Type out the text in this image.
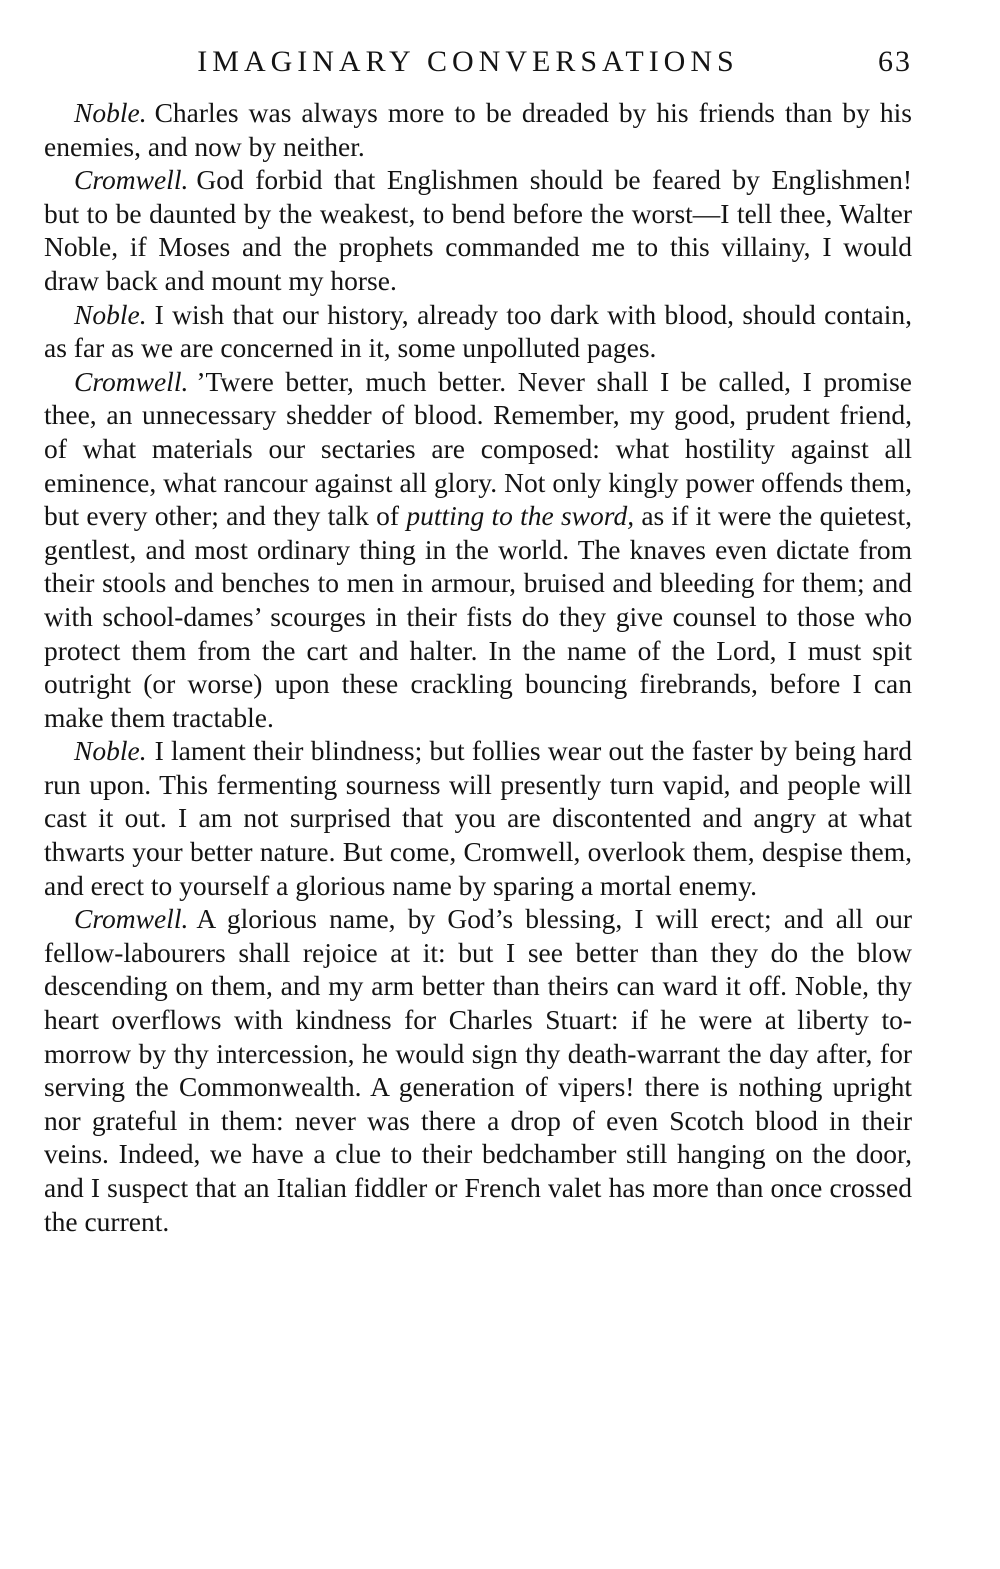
IMAGINARY CONVERSATIONS	63

Noble. Charles was always more to be dreaded by his friends than by his enemies, and now by neither.

Cromwell. God forbid that Englishmen should be feared by Englishmen! but to be daunted by the weakest, to bend before the worst—I tell thee, Walter Noble, if Moses and the prophets commanded me to this villainy, I would draw back and mount my horse.

Noble. I wish that our history, already too dark with blood, should contain, as far as we are concerned in it, some unpolluted pages.

Cromwell. ’Twere better, much better. Never shall I be called, I promise thee, an unnecessary shedder of blood. Remember, my good, prudent friend, of what materials our sectaries are composed: what hostility against all eminence, what rancour against all glory. Not only kingly power offends them, but every other; and they talk of putting to the sword, as if it were the quietest, gentlest, and most ordinary thing in the world. The knaves even dictate from their stools and benches to men in armour, bruised and bleeding for them; and with school-dames’ scourges in their fists do they give counsel to those who protect them from the cart and halter. In the name of the Lord, I must spit outright (or worse) upon these crackling bouncing firebrands, before I can make them tractable.

Noble. I lament their blindness; but follies wear out the faster by being hard run upon. This fermenting sourness will presently turn vapid, and people will cast it out. I am not surprised that you are discontented and angry at what thwarts your better nature. But come, Cromwell, overlook them, despise them, and erect to yourself a glorious name by sparing a mortal enemy.

Cromwell. A glorious name, by God’s blessing, I will erect; and all our fellow-labourers shall rejoice at it: but I see better than they do the blow descending on them, and my arm better than theirs can ward it off. Noble, thy heart overflows with kindness for Charles Stuart: if he were at liberty to-morrow by thy intercession, he would sign thy death-warrant the day after, for serving the Commonwealth. A generation of vipers! there is nothing upright nor grateful in them: never was there a drop of even Scotch blood in their veins. Indeed, we have a clue to their bedchamber still hanging on the door, and I suspect that an Italian fiddler or French valet has more than once crossed the current.
